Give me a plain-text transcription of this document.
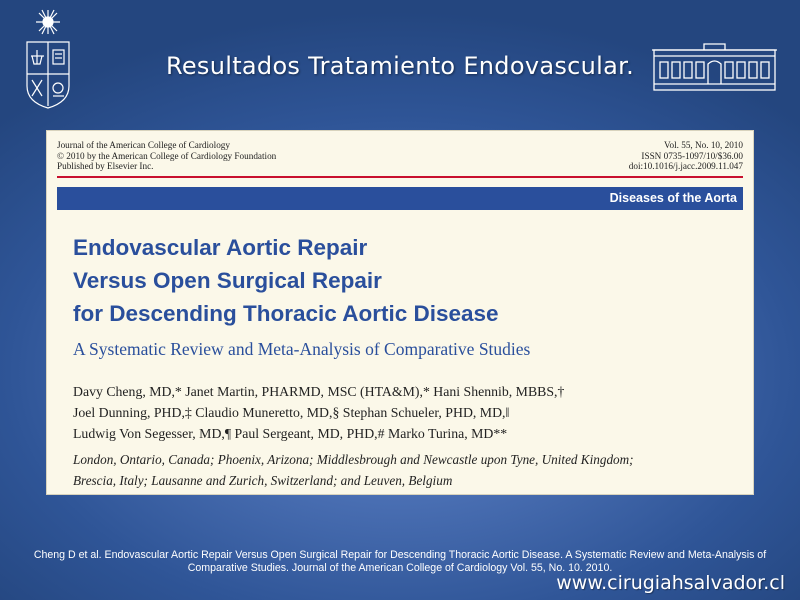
Resultados Tratamiento Endovascular.
Journal of the American College of Cardiology
© 2010 by the American College of Cardiology Foundation
Published by Elsevier Inc.
Vol. 55, No. 10, 2010
ISSN 0735-1097/10/$36.00
doi:10.1016/j.jacc.2009.11.047
Diseases of the Aorta
Endovascular Aortic Repair
Versus Open Surgical Repair
for Descending Thoracic Aortic Disease
A Systematic Review and Meta-Analysis of Comparative Studies
Davy Cheng, MD,* Janet Martin, PHARMD, MSC (HTA&M),* Hani Shennib, MBBS,†
Joel Dunning, PHD,‡ Claudio Muneretto, MD,§ Stephan Schueler, PHD, MD,‖
Ludwig Von Segesser, MD,¶ Paul Sergeant, MD, PHD,# Marko Turina, MD**
London, Ontario, Canada; Phoenix, Arizona; Middlesbrough and Newcastle upon Tyne, United Kingdom;
Brescia, Italy; Lausanne and Zurich, Switzerland; and Leuven, Belgium
Cheng D et al. Endovascular Aortic Repair Versus Open Surgical Repair for Descending Thoracic Aortic Disease. A Systematic Review and Meta-Analysis of
Comparative Studies. Journal of the American College of Cardiology Vol. 55, No. 10. 2010.
www.cirugiahsalvador.cl
